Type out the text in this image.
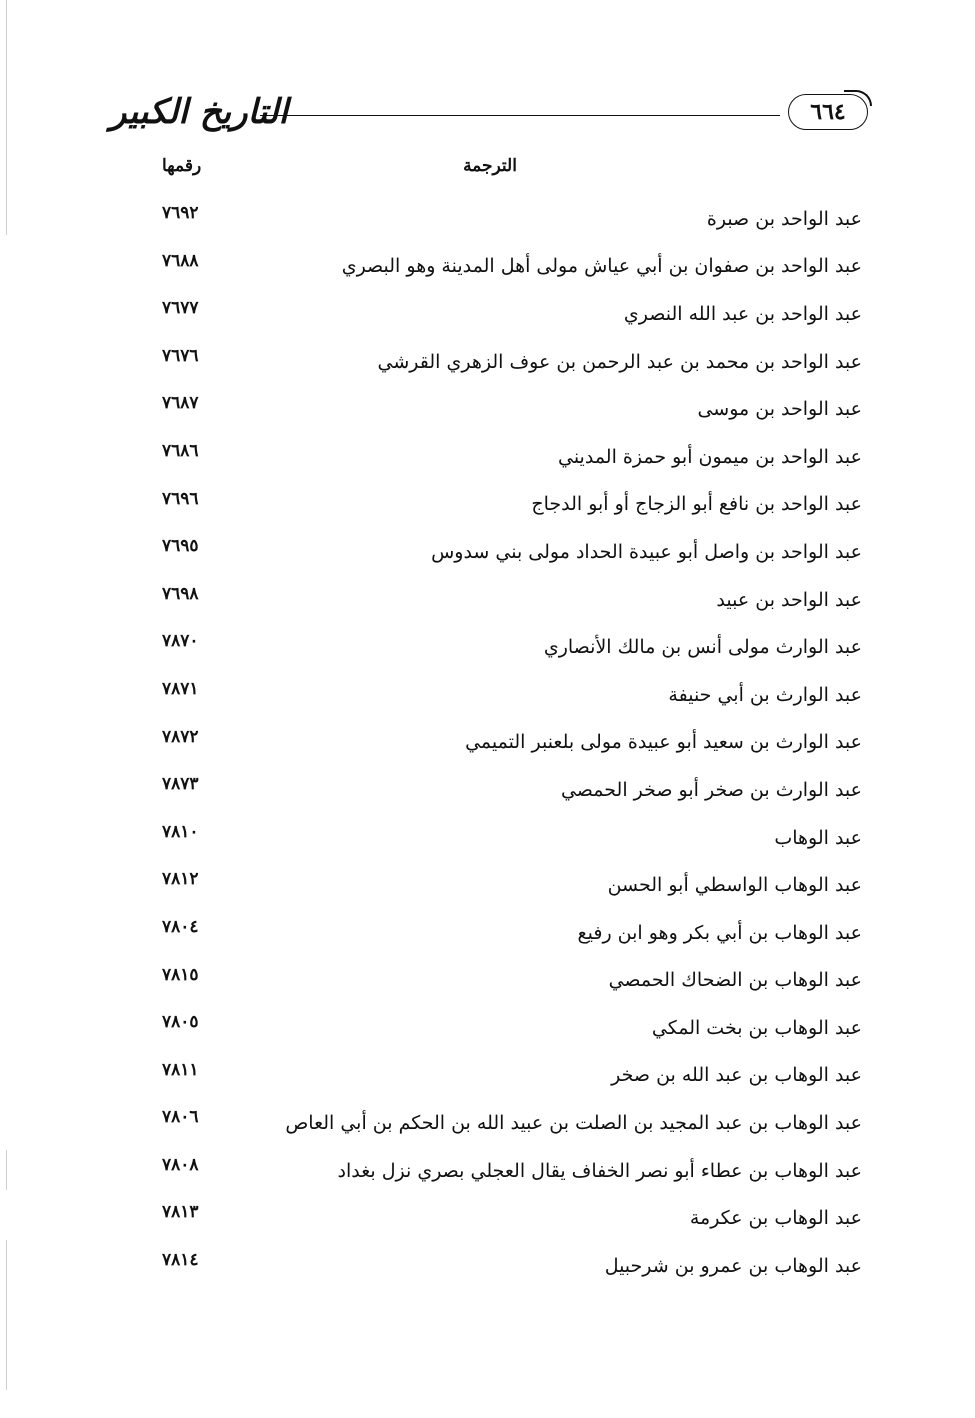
التاريخ الكبير	٦٦٤
الترجمة
رقمها
عبد الواحد بن صبرة
٧٦٩٢
عبد الواحد بن صفوان بن أبي عياش مولى أهل المدينة وهو البصري
٧٦٨٨
عبد الواحد بن عبد الله النصري
٧٦٧٧
عبد الواحد بن محمد بن عبد الرحمن بن عوف الزهري القرشي
٧٦٧٦
عبد الواحد بن موسى
٧٦٨٧
عبد الواحد بن ميمون أبو حمزة المديني
٧٦٨٦
عبد الواحد بن نافع أبو الزجاج أو أبو الدجاج
٧٦٩٦
عبد الواحد بن واصل أبو عبيدة الحداد مولى بني سدوس
٧٦٩٥
عبد الواحد بن عبيد
٧٦٩٨
عبد الوارث مولى أنس بن مالك الأنصاري
٧٨٧٠
عبد الوارث بن أبي حنيفة
٧٨٧١
عبد الوارث بن سعيد أبو عبيدة مولى بلعنبر التميمي
٧٨٧٢
عبد الوارث بن صخر أبو صخر الحمصي
٧٨٧٣
عبد الوهاب
٧٨١٠
عبد الوهاب الواسطي أبو الحسن
٧٨١٢
عبد الوهاب بن أبي بكر وهو ابن رفيع
٧٨٠٤
عبد الوهاب بن الضحاك الحمصي
٧٨١٥
عبد الوهاب بن بخت المكي
٧٨٠٥
عبد الوهاب بن عبد الله بن صخر
٧٨١١
عبد الوهاب بن عبد المجيد بن الصلت بن عبيد الله بن الحكم بن أبي العاص
٧٨٠٦
عبد الوهاب بن عطاء أبو نصر الخفاف يقال العجلي بصري نزل بغداد
٧٨٠٨
عبد الوهاب بن عكرمة
٧٨١٣
عبد الوهاب بن عمرو بن شرحبيل
٧٨١٤
